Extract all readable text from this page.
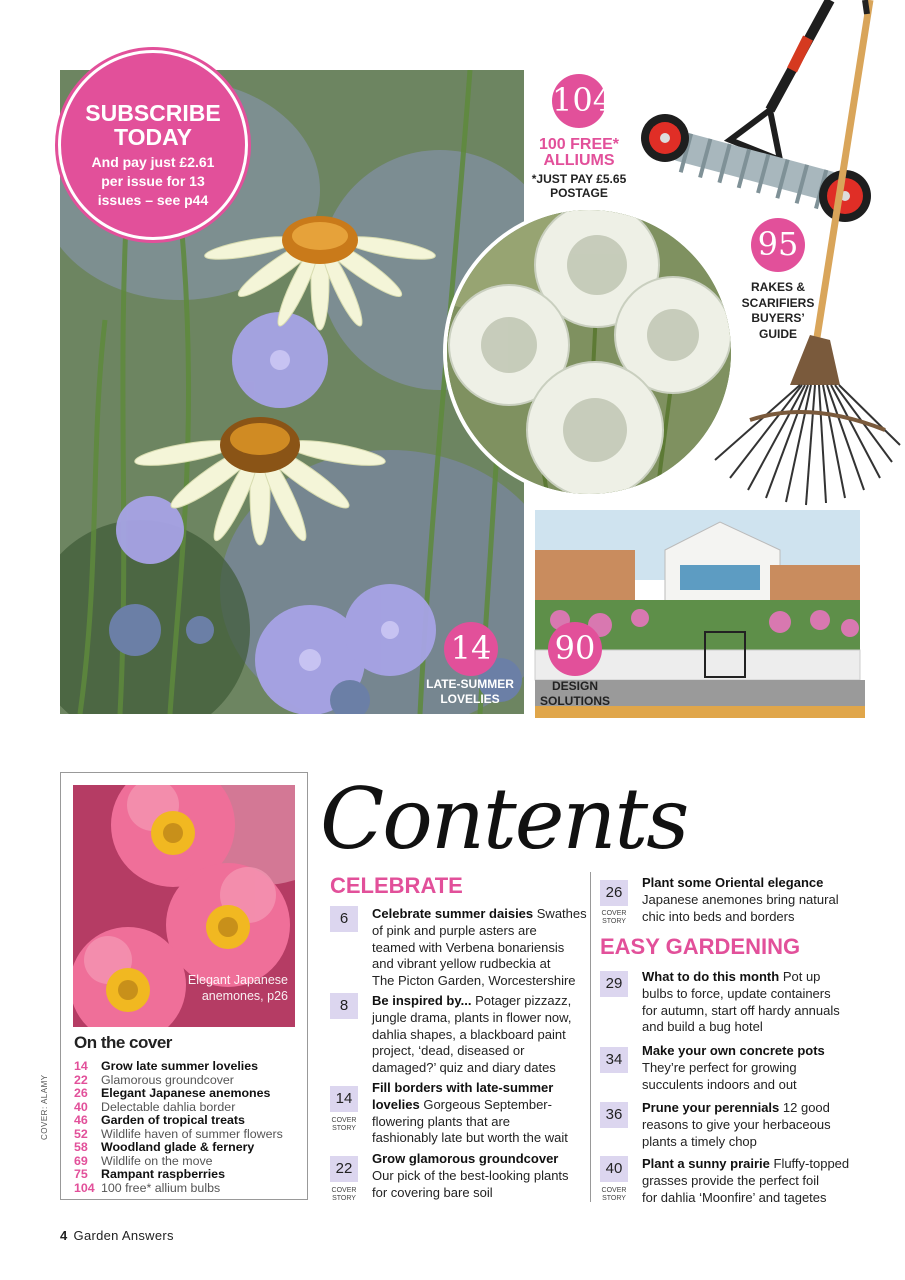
SUBSCRIBE TODAY
And pay just £2.61 per issue for 13 issues – see p44
104
100 FREE* ALLIUMS
*JUST PAY £5.65 POSTAGE
95
RAKES & SCARIFIERS BUYERS’ GUIDE
14
LATE-SUMMER LOVELIES
90
DESIGN SOLUTIONS
Elegant Japanese anemones, p26
On the cover
14 Grow late summer lovelies
22 Glamorous groundcover
26 Elegant Japanese anemones
40 Delectable dahlia border
46 Garden of tropical treats
52 Wildlife haven of summer flowers
58 Woodland glade & fernery
69 Wildlife on the move
75 Rampant raspberries
104 100 free* allium bulbs
COVER: ALAMY
Contents
CELEBRATE
6	Celebrate summer daisies Swathes
of pink and purple asters are
teamed with Verbena bonariensis
and vibrant yellow rudbeckia at
The Picton Garden, Worcestershire
8	Be inspired by... Potager pizzazz,
jungle drama, plants in flower now,
dahlia shapes, a blackboard paint
project, ‘dead, diseased or
damaged?’ quiz and diary dates
14
COVER STORY
Fill borders with late-summer
lovelies Gorgeous September-
flowering plants that are
fashionably late but worth the wait
22
COVER STORY
Grow glamorous groundcover
Our pick of the best-looking plants
for covering bare soil
26
COVER STORY
Plant some Oriental elegance
Japanese anemones bring natural
chic into beds and borders
EASY GARDENING
29	What to do this month Pot up
bulbs to force, update containers
for autumn, start off hardy annuals
and build a bug hotel
34
Make your own concrete pots
They’re perfect for growing
succulents indoors and out
36	Prune your perennials 12 good
reasons to give your herbaceous
plants a timely chop
40
COVER STORY
Plant a sunny prairie Fluffy-topped
grasses provide the perfect foil
for dahlia ‘Moonfire’ and tagetes
4 Garden Answers
